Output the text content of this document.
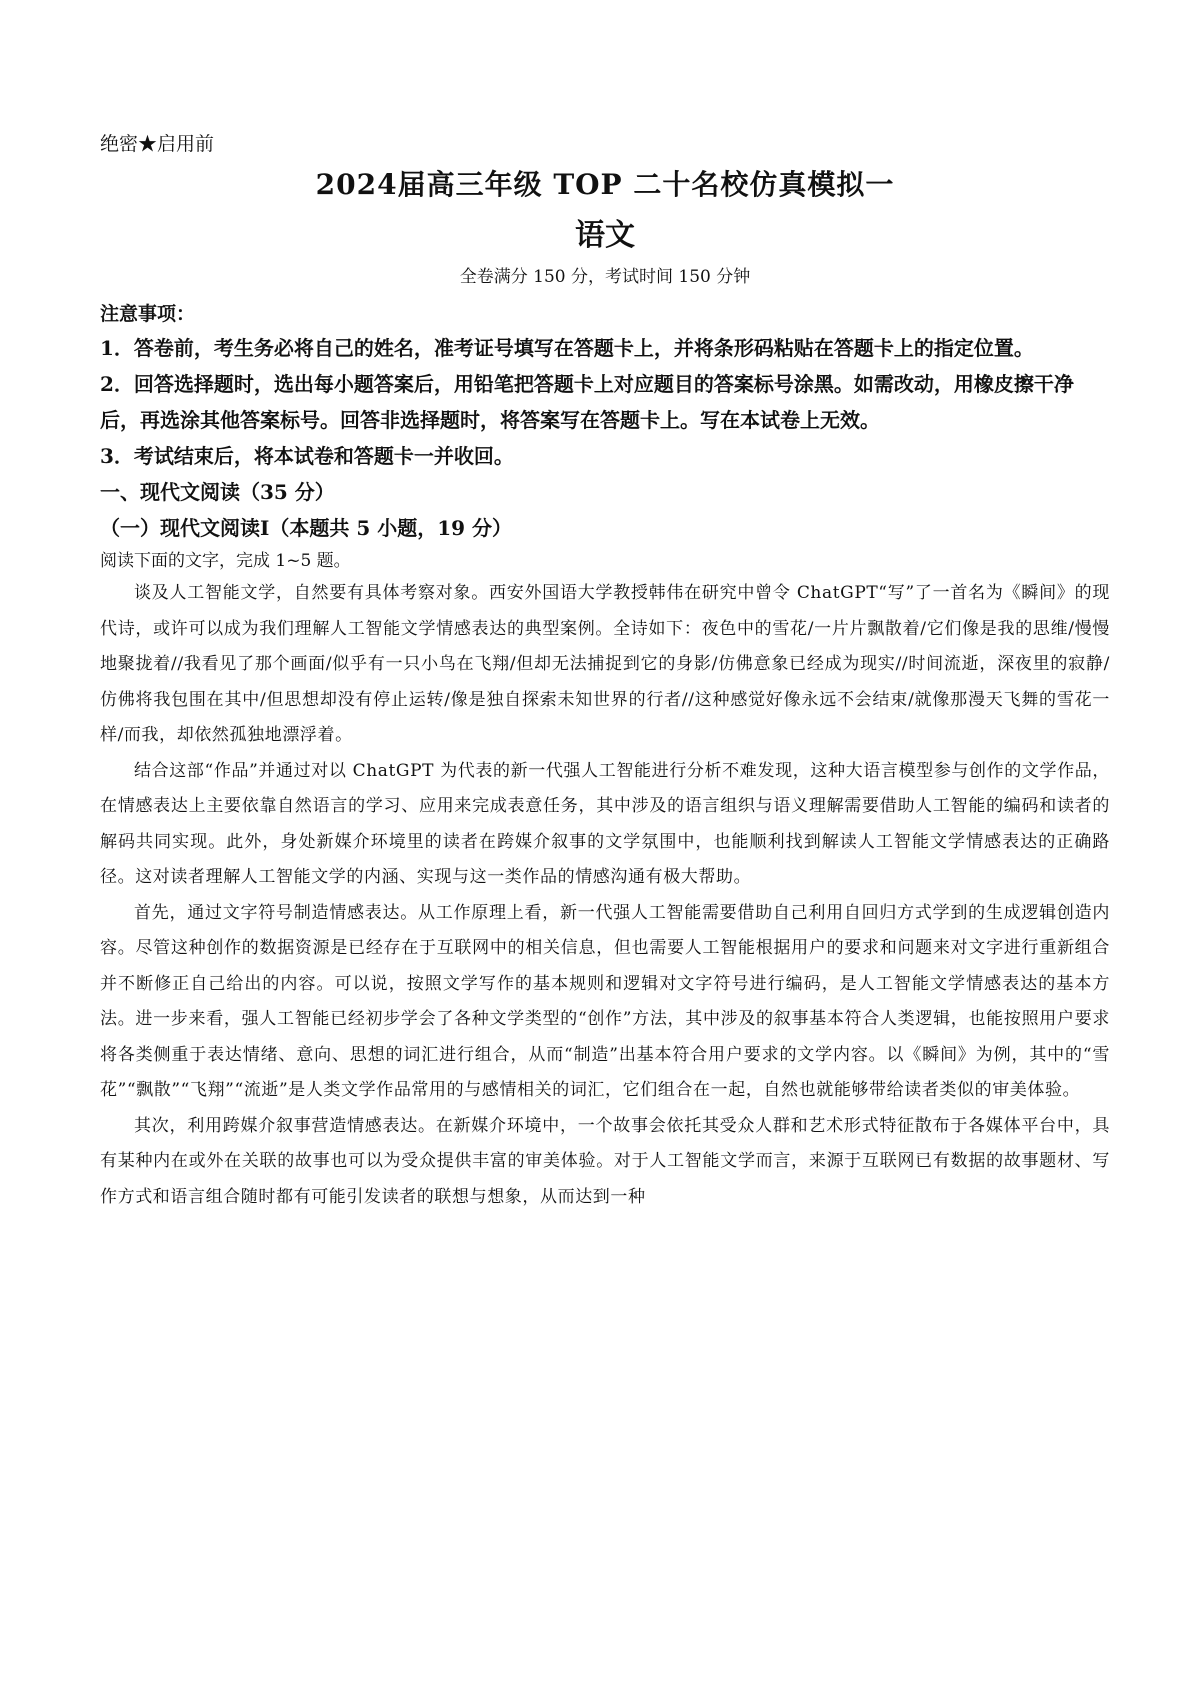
绝密★启用前
2024届高三年级 TOP 二十名校仿真模拟一
语文
全卷满分 150 分，考试时间 150 分钟
注意事项：

1．答卷前，考生务必将自己的姓名，准考证号填写在答题卡上，并将条形码粘贴在答题卡上的指定位置。

2．回答选择题时，选出每小题答案后，用铅笔把答题卡上对应题目的答案标号涂黑。如需改动，用橡皮擦干净后，再选涂其他答案标号。回答非选择题时，将答案写在答题卡上。写在本试卷上无效。

3．考试结束后，将本试卷和答题卡一并收回。

一、现代文阅读（35 分）
（一）现代文阅读Ⅰ（本题共 5 小题，19 分）
阅读下面的文字，完成 1~5 题。

谈及人工智能文学，自然要有具体考察对象。西安外国语大学教授韩伟在研究中曾令 ChatGPT“写”了一首名为《瞬间》的现代诗，或许可以成为我们理解人工智能文学情感表达的典型案例。全诗如下：夜色中的雪花/一片片飘散着/它们像是我的思维/慢慢地聚拢着//我看见了那个画面/似乎有一只小鸟在飞翔/但却无法捕捉到它的身影/仿佛意象已经成为现实//时间流逝，深夜里的寂静/仿佛将我包围在其中/但思想却没有停止运转/像是独自探索未知世界的行者//这种感觉好像永远不会结束/就像那漫天飞舞的雪花一样/而我，却依然孤独地漂浮着。

结合这部“作品”并通过对以 ChatGPT 为代表的新一代强人工智能进行分析不难发现，这种大语言模型参与创作的文学作品，在情感表达上主要依靠自然语言的学习、应用来完成表意任务，其中涉及的语言组织与语义理解需要借助人工智能的编码和读者的解码共同实现。此外，身处新媒介环境里的读者在跨媒介叙事的文学氛围中，也能顺利找到解读人工智能文学情感表达的正确路径。这对读者理解人工智能文学的内涵、实现与这一类作品的情感沟通有极大帮助。

首先，通过文字符号制造情感表达。从工作原理上看，新一代强人工智能需要借助自己利用自回归方式学到的生成逻辑创造内容。尽管这种创作的数据资源是已经存在于互联网中的相关信息，但也需要人工智能根据用户的要求和问题来对文字进行重新组合并不断修正自己给出的内容。可以说，按照文学写作的基本规则和逻辑对文字符号进行编码，是人工智能文学情感表达的基本方法。进一步来看，强人工智能已经初步学会了各种文学类型的“创作”方法，其中涉及的叙事基本符合人类逻辑，也能按照用户要求将各类侧重于表达情绪、意向、思想的词汇进行组合，从而“制造”出基本符合用户要求的文学内容。以《瞬间》为例，其中的“雪花”“飘散”“飞翔”“流逝”是人类文学作品常用的与感情相关的词汇，它们组合在一起，自然也就能够带给读者类似的审美体验。

其次，利用跨媒介叙事营造情感表达。在新媒介环境中，一个故事会依托其受众人群和艺术形式特征散布于各媒体平台中，具有某种内在或外在关联的故事也可以为受众提供丰富的审美体验。对于人工智能文学而言，来源于互联网已有数据的故事题材、写作方式和语言组合随时都有可能引发读者的联想与想象，从而达到一种
